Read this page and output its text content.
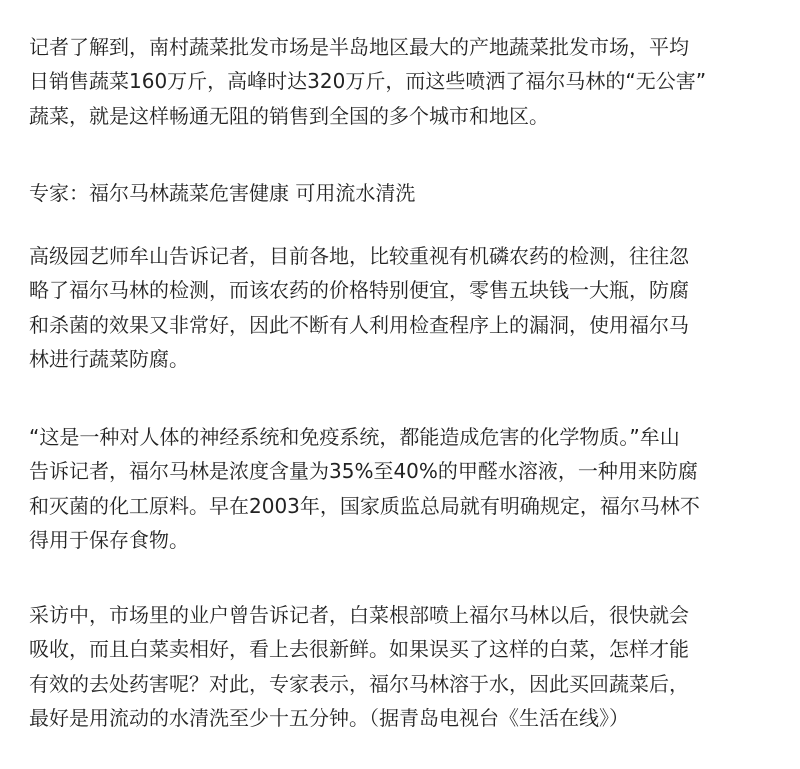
记者了解到，南村蔬菜批发市场是半岛地区最大的产地蔬菜批发市场，平均
日销售蔬菜160万斤，高峰时达320万斤，而这些喷洒了福尔马林的“无公害”
蔬菜，就是这样畅通无阻的销售到全国的多个城市和地区。

专家：福尔马林蔬菜危害健康 可用流水清洗

高级园艺师牟山告诉记者，目前各地，比较重视有机磷农药的检测，往往忽
略了福尔马林的检测，而该农药的价格特别便宜，零售五块钱一大瓶，防腐
和杀菌的效果又非常好，因此不断有人利用检查程序上的漏洞，使用福尔马
林进行蔬菜防腐。

“这是一种对人体的神经系统和免疫系统，都能造成危害的化学物质。”牟山
告诉记者，福尔马林是浓度含量为35%至40%的甲醛水溶液，一种用来防腐
和灭菌的化工原料。早在2003年，国家质监总局就有明确规定，福尔马林不
得用于保存食物。

采访中，市场里的业户曾告诉记者，白菜根部喷上福尔马林以后，很快就会
吸收，而且白菜卖相好，看上去很新鲜。如果误买了这样的白菜，怎样才能
有效的去处药害呢？对此，专家表示，福尔马林溶于水，因此买回蔬菜后，
最好是用流动的水清洗至少十五分钟。（据青岛电视台《生活在线》）
